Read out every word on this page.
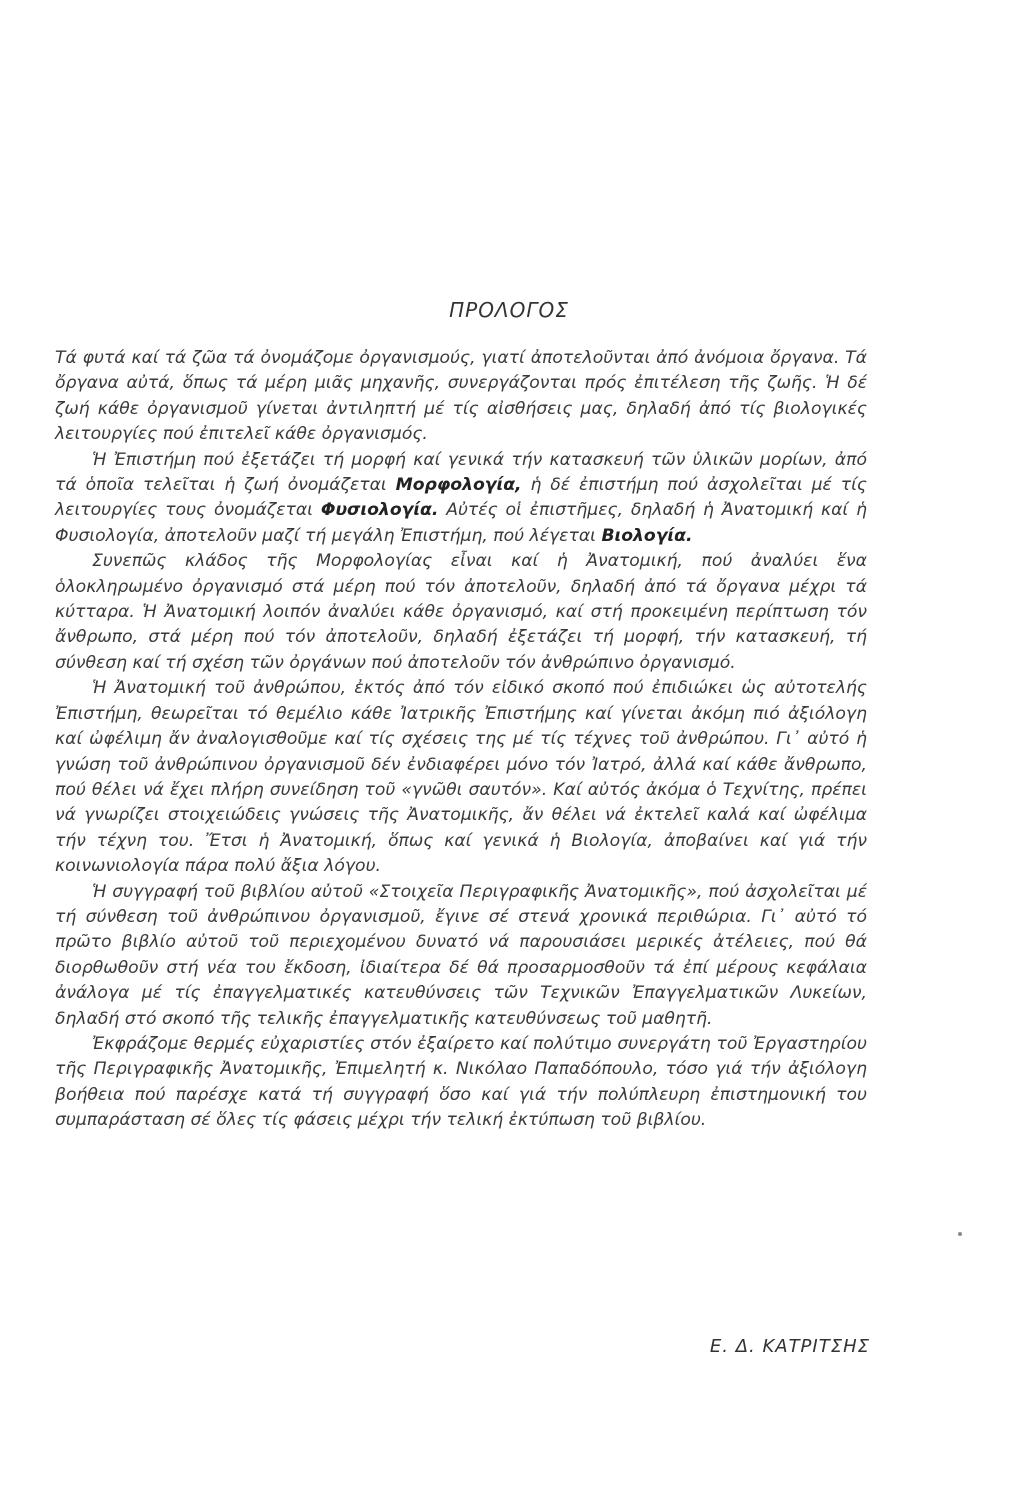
ΠΡΟΛΟΓΟΣ

Τά φυτά καί τά ζῶα τά ὀνομάζομε ὀργανισμούς, γιατί ἀποτελοῦνται ἀπό ἀνόμοια ὄργανα. Τά ὄργανα αὐτά, ὅπως τά μέρη μιᾶς μηχανῆς, συνεργάζονται πρός ἐπιτέλεση τῆς ζωῆς. Ἡ δέ ζωή κάθε ὀργανισμοῦ γίνεται ἀντιληπτή μέ τίς αἰσθήσεις μας, δηλαδή ἀπό τίς βιολογικές λειτουργίες πού ἐπιτελεῖ κάθε ὀργανισμός.

Ἡ Ἐπιστήμη πού ἐξετάζει τή μορφή καί γενικά τήν κατασκευή τῶν ὑλικῶν μορίων, ἀπό τά ὁποῖα τελεῖται ἡ ζωή ὀνομάζεται Μορφολογία, ἡ δέ ἐπιστήμη πού ἀσχολεῖται μέ τίς λειτουργίες τους ὀνομάζεται Φυσιολογία. Αὐτές οἱ ἐπιστῆμες, δηλαδή ἡ Ἀνατομική καί ἡ Φυσιολογία, ἀποτελοῦν μαζί τή μεγάλη Ἐπιστήμη, πού λέγεται Βιολογία.

Συνεπῶς κλάδος τῆς Μορφολογίας εἶναι καί ἡ Ἀνατομική, πού ἀναλύει ἕνα ὁλοκληρωμένο ὀργανισμό στά μέρη πού τόν ἀποτελοῦν, δηλαδή ἀπό τά ὄργανα μέχρι τά κύτταρα. Ἡ Ἀνατομική λοιπόν ἀναλύει κάθε ὀργανισμό, καί στή προκειμένη περίπτωση τόν ἄνθρωπο, στά μέρη πού τόν ἀποτελοῦν, δηλαδή ἐξετάζει τή μορφή, τήν κατασκευή, τή σύνθεση καί τή σχέση τῶν ὀργάνων πού ἀποτελοῦν τόν ἀνθρώπινο ὀργανισμό.

Ἡ Ἀνατομική τοῦ ἀνθρώπου, ἐκτός ἀπό τόν εἰδικό σκοπό πού ἐπιδιώκει ὡς αὐτοτελής Ἐπιστήμη, θεωρεῖται τό θεμέλιο κάθε Ἰατρικῆς Ἐπιστήμης καί γίνεται ἀκόμη πιό ἀξιόλογη καί ὠφέλιμη ἄν ἀναλογισθοῦμε καί τίς σχέσεις της μέ τίς τέχνες τοῦ ἀνθρώπου. Γι᾽ αὐτό ἡ γνώση τοῦ ἀνθρώπινου ὀργανισμοῦ δέν ἐνδιαφέρει μόνο τόν Ἰατρό, ἀλλά καί κάθε ἄνθρωπο, πού θέλει νά ἔχει πλήρη συνείδηση τοῦ «γνῶθι σαυτόν». Καί αὐτός ἀκόμα ὁ Τεχνίτης, πρέπει νά γνωρίζει στοιχειώδεις γνώσεις τῆς Ἀνατομικῆς, ἄν θέλει νά ἐκτελεῖ καλά καί ὠφέλιμα τήν τέχνη του. Ἔτσι ἡ Ἀνατομική, ὅπως καί γενικά ἡ Βιολογία, ἀποβαίνει καί γιά τήν κοινωνιολογία πάρα πολύ ἄξια λόγου.

Ἡ συγγραφή τοῦ βιβλίου αὐτοῦ «Στοιχεῖα Περιγραφικῆς Ἀνατομικῆς», πού ἀσχολεῖται μέ τή σύνθεση τοῦ ἀνθρώπινου ὀργανισμοῦ, ἔγινε σέ στενά χρονικά περιθώρια. Γι᾽ αὐτό τό πρῶτο βιβλίο αὐτοῦ τοῦ περιεχομένου δυνατό νά παρουσιάσει μερικές ἀτέλειες, πού θά διορθωθοῦν στή νέα του ἔκδοση, ἰδιαίτερα δέ θά προσαρμοσθοῦν τά ἐπί μέρους κεφάλαια ἀνάλογα μέ τίς ἐπαγγελματικές κατευθύνσεις τῶν Τεχνικῶν Ἐπαγγελματικῶν Λυκείων, δηλαδή στό σκοπό τῆς τελικῆς ἐπαγγελματικῆς κατευθύνσεως τοῦ μαθητῆ.

Ἐκφράζομε θερμές εὐχαριστίες στόν ἐξαίρετο καί πολύτιμο συνεργάτη τοῦ Ἐργαστηρίου τῆς Περιγραφικῆς Ἀνατομικῆς, Ἐπιμελητή κ. Νικόλαο Παπαδόπουλο, τόσο γιά τήν ἀξιόλογη βοήθεια πού παρέσχε κατά τή συγγραφή ὅσο καί γιά τήν πολύπλευρη ἐπιστημονική του συμπαράσταση σέ ὅλες τίς φάσεις μέχρι τήν τελική ἐκτύπωση τοῦ βιβλίου.

Ε. Δ. ΚΑΤΡΙΤΣΗΣ
